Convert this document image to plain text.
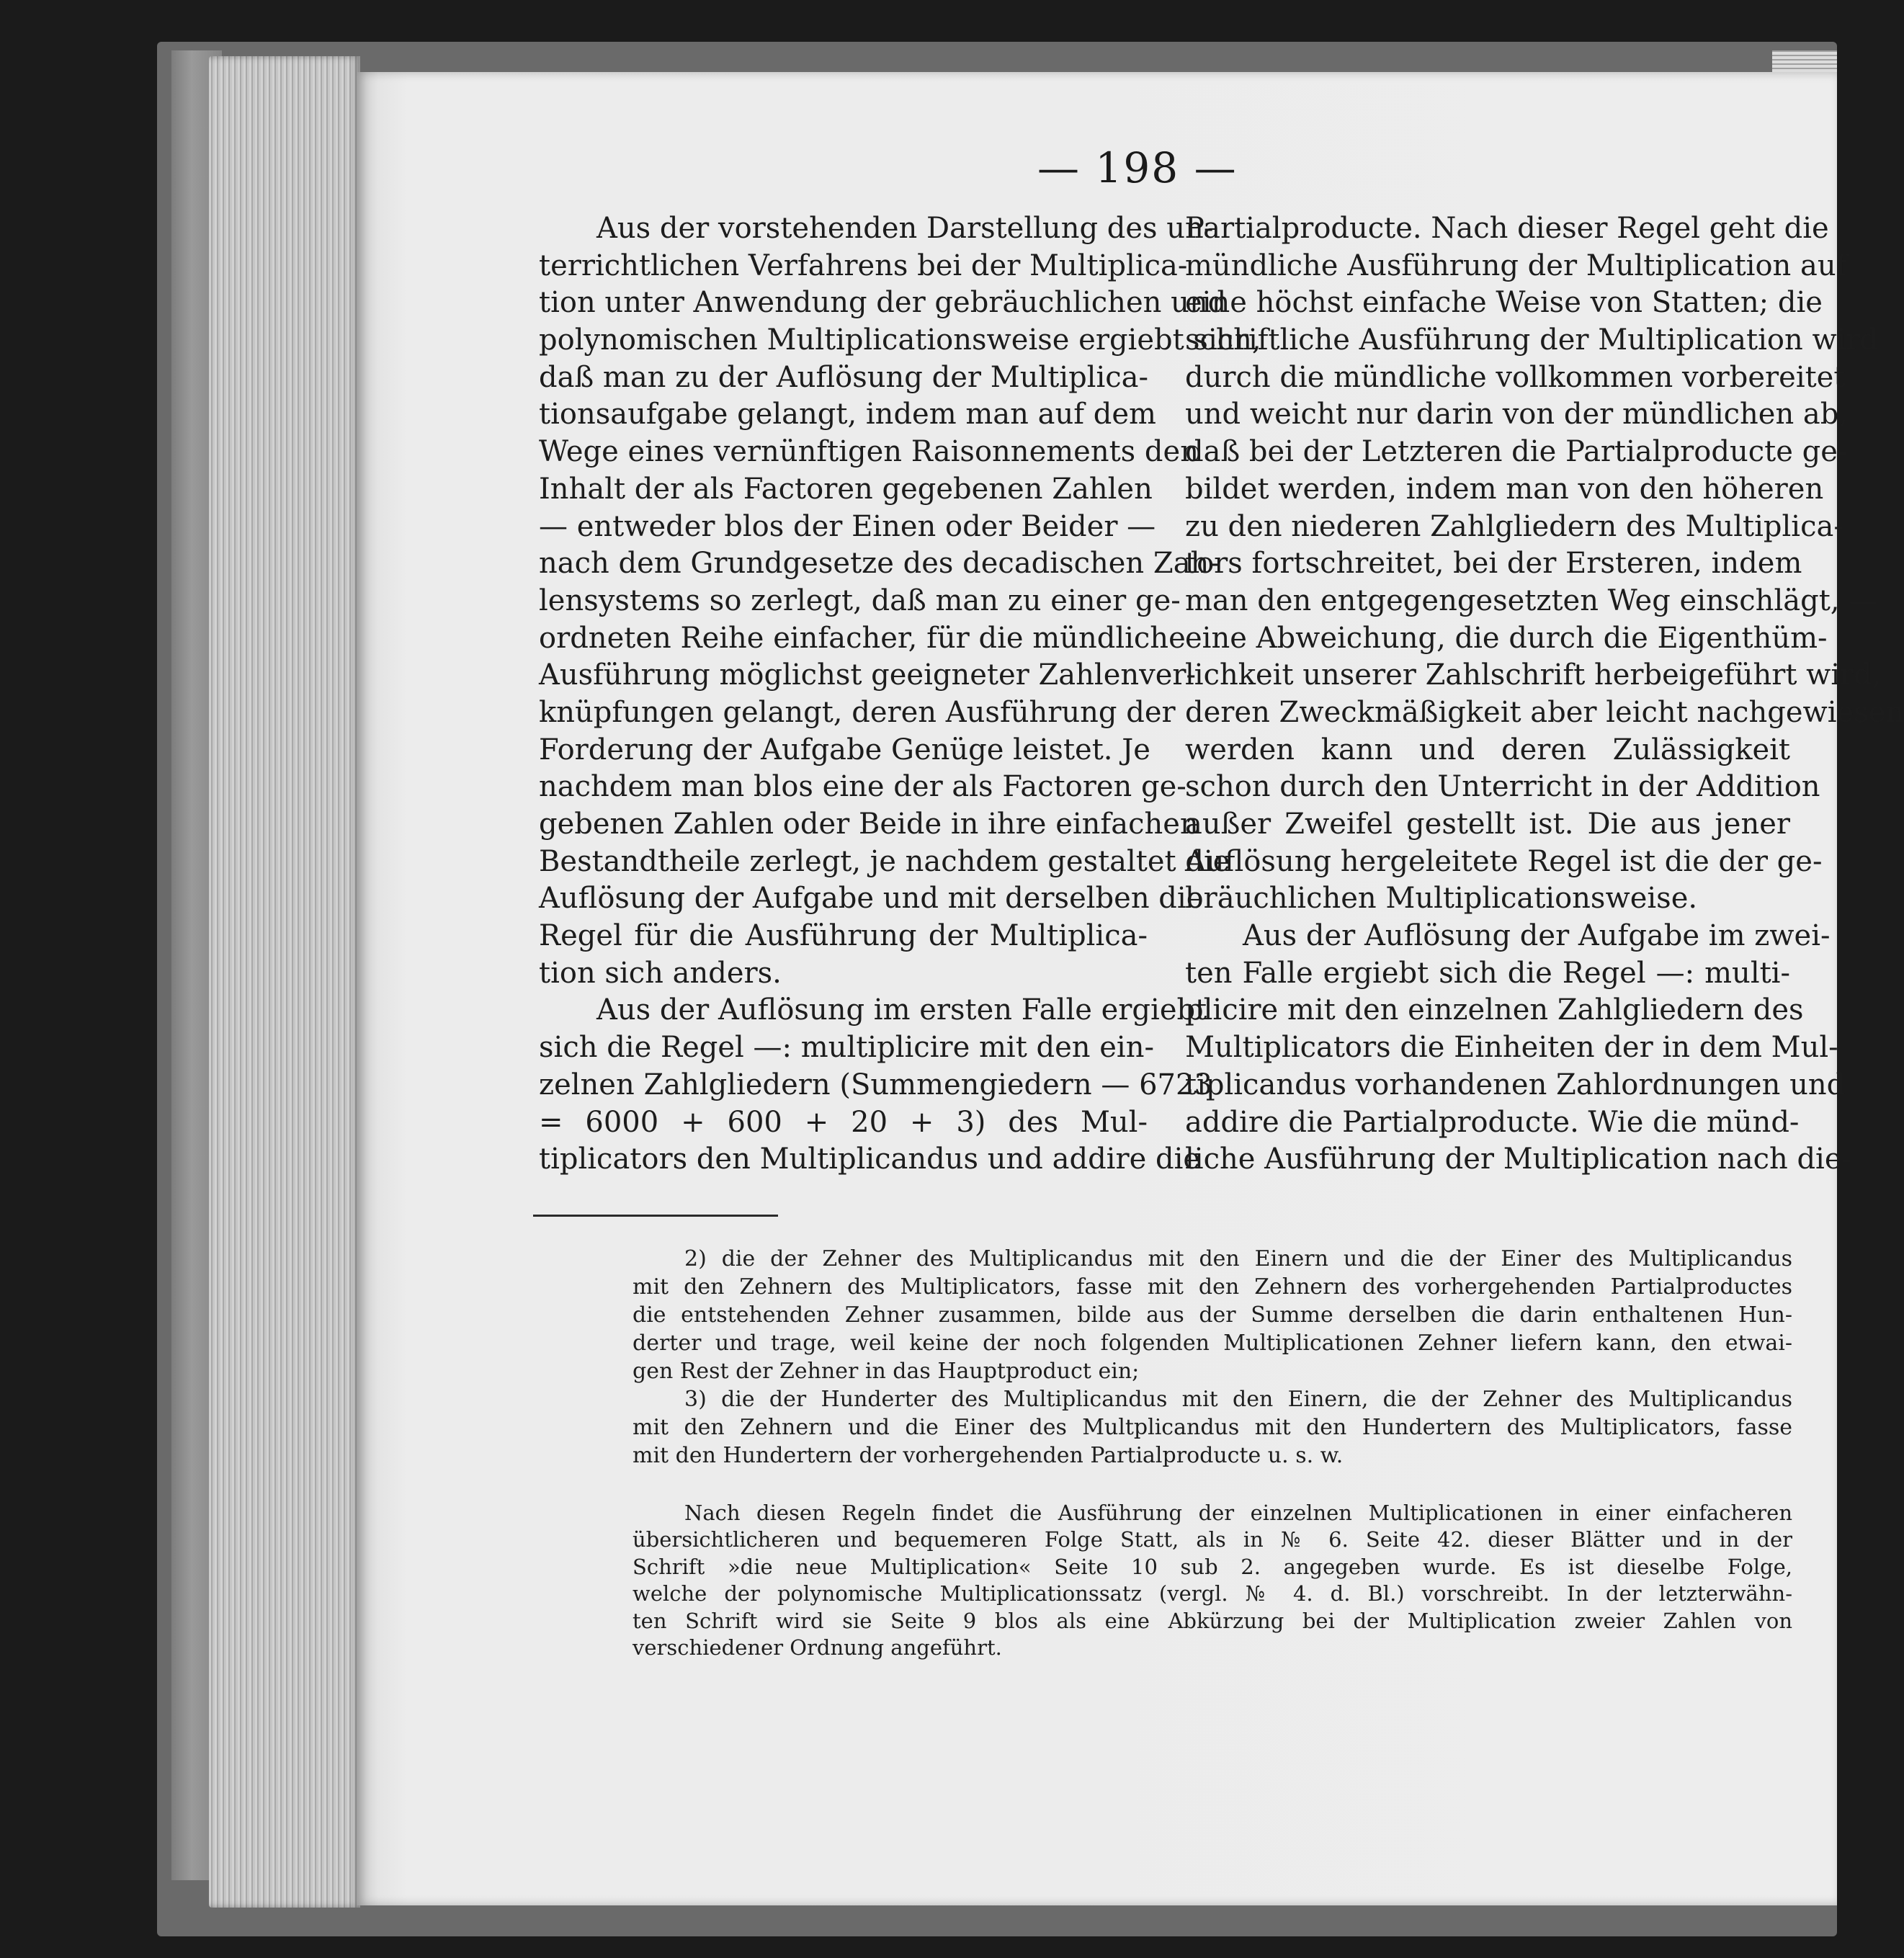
— 198 —
Aus der vorstehenden Darstellung des un-
terrichtlichen Verfahrens bei der Multiplica-
tion unter Anwendung der gebräuchlichen und
polynomischen Multiplicationsweise ergiebt sich,
daß man zu der Auflösung der Multiplica-
tionsaufgabe gelangt, indem man auf dem
Wege eines vernünftigen Raisonnements den
Inhalt der als Factoren gegebenen Zahlen
— entweder blos der Einen oder Beider —
nach dem Grundgesetze des decadischen Zah-
lensystems so zerlegt, daß man zu einer ge-
ordneten Reihe einfacher, für die mündliche
Ausführung möglichst geeigneter Zahlenver-
knüpfungen gelangt, deren Ausführung der
Forderung der Aufgabe Genüge leistet. Je
nachdem man blos eine der als Factoren ge-
gebenen Zahlen oder Beide in ihre einfachen
Bestandtheile zerlegt, je nachdem gestaltet die
Auflösung der Aufgabe und mit derselben die
Regel für die Ausführung der Multiplica-
tion sich anders.
Aus der Auflösung im ersten Falle ergiebt
sich die Regel —: multiplicire mit den ein-
zelnen Zahlgliedern (Summengiedern — 6723
= 6000 + 600 + 20 + 3) des Mul-
tiplicators den Multiplicandus und addire die
Partialproducte. Nach dieser Regel geht die
mündliche Ausführung der Multiplication auf
eine höchst einfache Weise von Statten; die
schriftliche Ausführung der Multiplication wird
durch die mündliche vollkommen vorbereitet
und weicht nur darin von der mündlichen ab,
daß bei der Letzteren die Partialproducte ge-
bildet werden, indem man von den höheren
zu den niederen Zahlgliedern des Multiplica-
tors fortschreitet, bei der Ersteren, indem
man den entgegengesetzten Weg einschlägt, —
eine Abweichung, die durch die Eigenthüm-
lichkeit unserer Zahlschrift herbeigeführt wird,
deren Zweckmäßigkeit aber leicht nachgewiesen
werden kann und deren Zulässigkeit
schon durch den Unterricht in der Addition
außer Zweifel gestellt ist. Die aus jener
Auflösung hergeleitete Regel ist die der ge-
bräuchlichen Multiplicationsweise.
Aus der Auflösung der Aufgabe im zwei-
ten Falle ergiebt sich die Regel —: multi-
plicire mit den einzelnen Zahlgliedern des
Multiplicators die Einheiten der in dem Mul-
tiplicandus vorhandenen Zahlordnungen und
addire die Partialproducte. Wie die münd-
liche Ausführung der Multiplication nach die-
2) die der Zehner des Multiplicandus mit den Einern und die der Einer des Multiplicandus
mit den Zehnern des Multiplicators, fasse mit den Zehnern des vorhergehenden Partialproductes
die entstehenden Zehner zusammen, bilde aus der Summe derselben die darin enthaltenen Hun-
derter und trage, weil keine der noch folgenden Multiplicationen Zehner liefern kann, den etwai-
gen Rest der Zehner in das Hauptproduct ein;
3) die der Hunderter des Multiplicandus mit den Einern, die der Zehner des Multiplicandus
mit den Zehnern und die Einer des Multplicandus mit den Hundertern des Multiplicators, fasse
mit den Hundertern der vorhergehenden Partialproducte u. s. w.
Nach diesen Regeln findet die Ausführung der einzelnen Multiplicationen in einer einfacheren
übersichtlicheren und bequemeren Folge Statt, als in № 6. Seite 42. dieser Blätter und in der
Schrift »die neue Multiplication« Seite 10 sub 2. angegeben wurde. Es ist dieselbe Folge,
welche der polynomische Multiplicationssatz (vergl. № 4. d. Bl.) vorschreibt. In der letzterwähn-
ten Schrift wird sie Seite 9 blos als eine Abkürzung bei der Multiplication zweier Zahlen von
verschiedener Ordnung angeführt.
